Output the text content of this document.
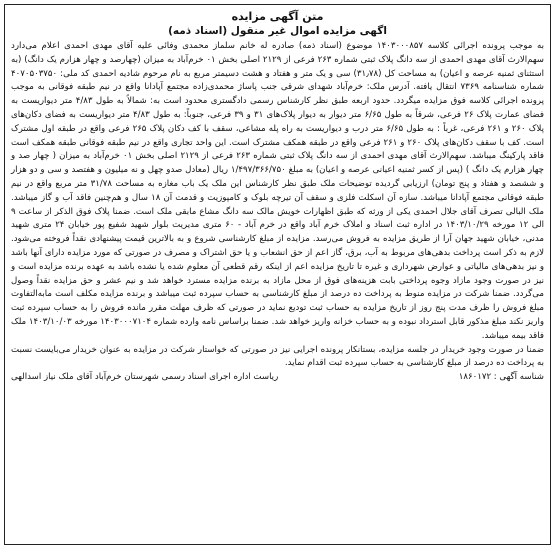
متن آگهی مزایده
اگهی مزایده اموال غیر منقول (اسناد ذمه)

به موجب پرونده اجرائی کلاسه ۱۴۰۳۰۰۰۸۵۷ موضوع (اسناد ذمه) صادره له خانم سلماز محمدی وفائی علیه آقای مهدی احمدی اعلام می‌دارد سهم‌الارث آقای مهدی احمدی از سه دانگ پلاک ثبتی شماره ۲۶۳ فرعی از ۲۱۲۹ اصلی بخش ۰۱ خرم‌آباد به میزان (چهارصد و چهار هزارم یک دانگ) (به استثنای ثمنیه عرصه و اعیان) به مساحت کل (۳۱٫۷۸) سی و یک متر و هفتاد و هشت دسیمتر مربع به نام مرحوم شادیه احمدی کد ملی: ۴۰۷۰۵۰۳۷۵۰ شماره شناسنامه ۷۳۶۹ انتقال یافته. آدرس ملک: خرم‌آباد شهدای شرقی جنب پاساژ محمدی‌زاده مجتمع آپادانا واقع در نیم طبقه فوقانی به موجب پرونده اجرائی کلاسه فوق مزایده میگردد. حدود اربعه طبق نظر کارشناس رسمی دادگستری محدود است به: شمالاً به طول ۴/۸۳ متر دیواریست به فضای عمارت پلاک ۲۶ فرعی، شرقاً به طول ۶/۶۵ متر دیوار به دیوار پلاک‌های ۳۱ و ۳۹ فرعی، جنوباً: به طول ۴/۸۳ متر دیواریست به فضای دکان‌های پلاک ۲۶۰ و ۲۶۱ فرعی، غرباً : به طول ۶/۶۵ متر درب و دیواریست به راه پله مشاعی، سقف با کف دکان پلاک ۲۶۵ فرعی واقع در طبقه اول مشترک است. کف با سقف دکان‌های پلاک ۲۶۰ و ۲۶۱ فرعی واقع در طبقه همکف مشترک است. این واحد تجاری واقع در نیم طبقه فوقانی طبقه همکف است فاقد پارکینگ میباشد. سهم‌الارث آقای مهدی احمدی از سه دانگ پلاک ثبتی شماره ۲۶۳ فرعی از ۲۱۲۹ اصلی بخش ۰۱ خرم‌آباد به میزان ( چهار صد و چهار هزارم یک دانگ ) (پس از کسر ثمنیه اعیانی عرصه و اعیان) به مبلغ ۱/۴۹۷/۳۶۶/۷۵۰ ریال (معادل صدو چهل و نه میلیون و هفتصد و سی و دو هزار و ششصد و هفتاد و پنج تومان) ارزیابی گردیده توضیحات ملک طبق نظر کارشناس این ملک یک باب مغازه به مساحت ۳۱/۷۸ متر مربع واقع در نیم طبقه فوقانی مجتمع آپادانا میباشد. سازه آن اسکلت فلزی و سقف آن تیرچه بلوک و کامپوزیت و قدمت آن ۱۸ سال و هم‌چنین فاقد آب و گاز میباشد. ملک البالی تصرف آقای جلال احمدی یکی از ورثه که طبق اظهارات خویش مالک سه دانگ مشاع مابقی ملک است. ضمنا پلاک فوق الذکر از ساعت ۹ الی ۱۲ مورخه ۱۴۰۳/۱۰/۲۹ در اداره ثبت اسناد و املاک خرم آباد واقع در خرم آباد - ۶۰ متری مدیریت بلوار شهید شفیع پور خیابان ۲۴ متری شهید مدنی، خیابان شهید جهان آرا از طریق مزایده به فروش می‌رسد. مزایده از مبلغ کارشناسی شروع و به بالاترین قیمت پیشنهادی نقداً فروخته می‌شود. لازم به ذکر است پرداخت بدهی‌های مربوط به آب، برق، گاز اعم از حق انشعاب و یا حق اشتراک و مصرف در صورتی که مورد مزایده دارای آنها باشد و نیز بدهی‌های مالیاتی و عوارض شهرداری و غیره تا تاریخ مزایده اعم از اینکه رقم قطعی آن معلوم شده یا نشده باشد به عهده برنده مزایده است و نیز در صورت وجود مازاد وجوه پرداختی بابت هزینه‌های فوق از محل مازاد به برنده مزایده مسترد خواهد شد و نیم عشر و حق مزایده نقداً وصول می‌گردد. ضمنا شرکت در مزایده منوط به پرداخت ده درصد از مبلغ کارشناسی به حساب سپرده ثبت میباشد و برنده مزایده مکلف است مابه‌التفاوت مبلغ فروش را ظرف مدت پنج روز از تاریخ مزایده به حساب ثبت تودیع نماید در صورتی که ظرف مهلت مقرر مانده فروش را به حساب سپرده ثبت واریز نکند مبلغ مذکور قابل استرداد نبوده و به حساب خزانه واریز خواهد شد. ضمنا براساس نامه وارده شماره ۱۴۰۳۰۰۰۷۱۰۴ مورخه ۱۴۰۳/۱۰/۰۳ ملک فاقد بیمه میباشد.

ضمنا در صورت وجود خریدار در جلسه مزایده، بستانکار پرونده اجرایی نیز در صورتی که خواستار شرکت در مزایده به عنوان خریدار می‌بایست نسبت به پرداخت ده درصد از مبلغ کارشناسی به حساب سپرده ثبت اقدام نماید.

شناسه آگهی : ۱۸۶۰۱۷۲
ریاست اداره اجرای اسناد رسمی شهرستان خرم‌آباد آقای ملک نیاز اسدالهی
